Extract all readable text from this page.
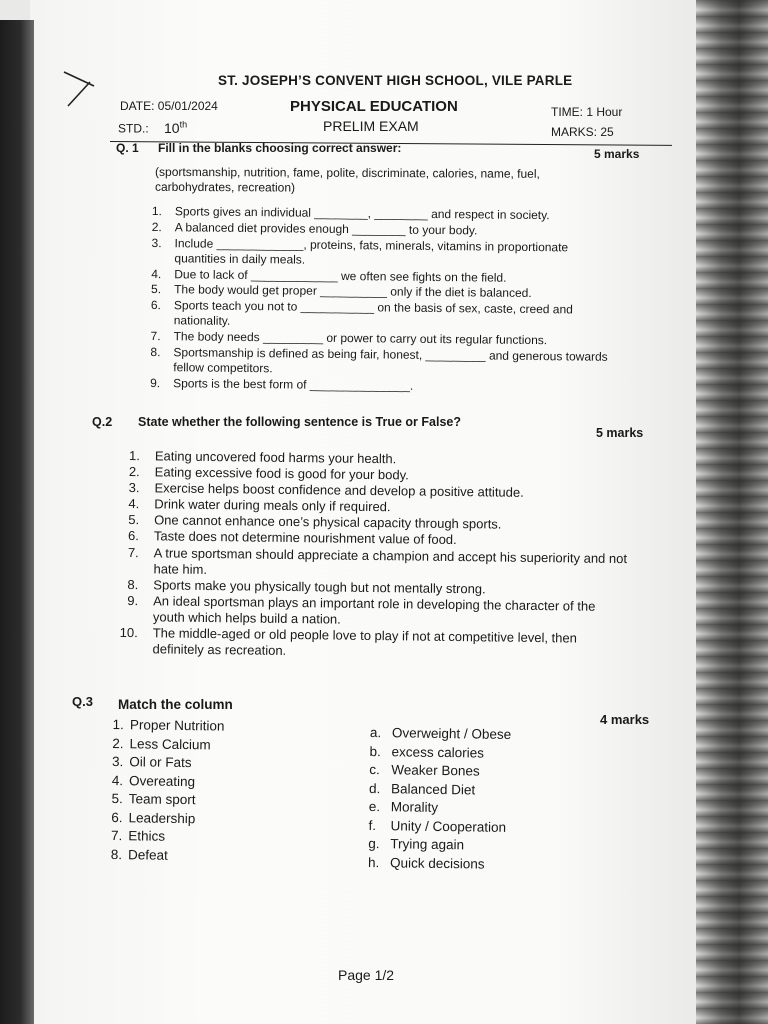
ST. JOSEPH’S CONVENT HIGH SCHOOL, VILE PARLE
DATE: 05/01/2024	PHYSICAL EDUCATION	TIME: 1 Hour
STD.: 10th	PRELIM EXAM	MARKS: 25
Q. 1 Fill in the blanks choosing correct answer:	5 marks
(sportsmanship, nutrition, fame, polite, discriminate, calories, name, fuel, carbohydrates, recreation)
1. Sports gives an individual ________, ________ and respect in society.
2. A balanced diet provides enough ________ to your body.
3. Include _____________, proteins, fats, minerals, vitamins in proportionate
quantities in daily meals.
4. Due to lack of _____________ we often see fights on the field.
5. The body would get proper __________ only if the diet is balanced.
6. Sports teach you not to ___________ on the basis of sex, caste, creed and
nationality.
7. The body needs _________ or power to carry out its regular functions.
8. Sportsmanship is defined as being fair, honest, _________ and generous towards
fellow competitors.
9. Sports is the best form of _______________.
Q.2 State whether the following sentence is True or False?
5 marks
1. Eating uncovered food harms your health.
2. Eating excessive food is good for your body.
3. Exercise helps boost confidence and develop a positive attitude.
4. Drink water during meals only if required.
5. One cannot enhance one’s physical capacity through sports.
6. Taste does not determine nourishment value of food.
7. A true sportsman should appreciate a champion and accept his superiority and not
hate him.
8. Sports make you physically tough but not mentally strong.
9. An ideal sportsman plays an important role in developing the character of the
youth which helps build a nation.
10. The middle-aged or old people love to play if not at competitive level, then
definitely as recreation.
Q.3 Match the column
4 marks
1. Proper Nutrition
2. Less Calcium
3. Oil or Fats
4. Overeating
5. Team sport
6. Leadership
7. Ethics
8. Defeat
a. Overweight / Obese
b. excess calories
c. Weaker Bones
d. Balanced Diet
e. Morality
f.	Unity / Cooperation
g. Trying again
h. Quick decisions
Page 1/2
